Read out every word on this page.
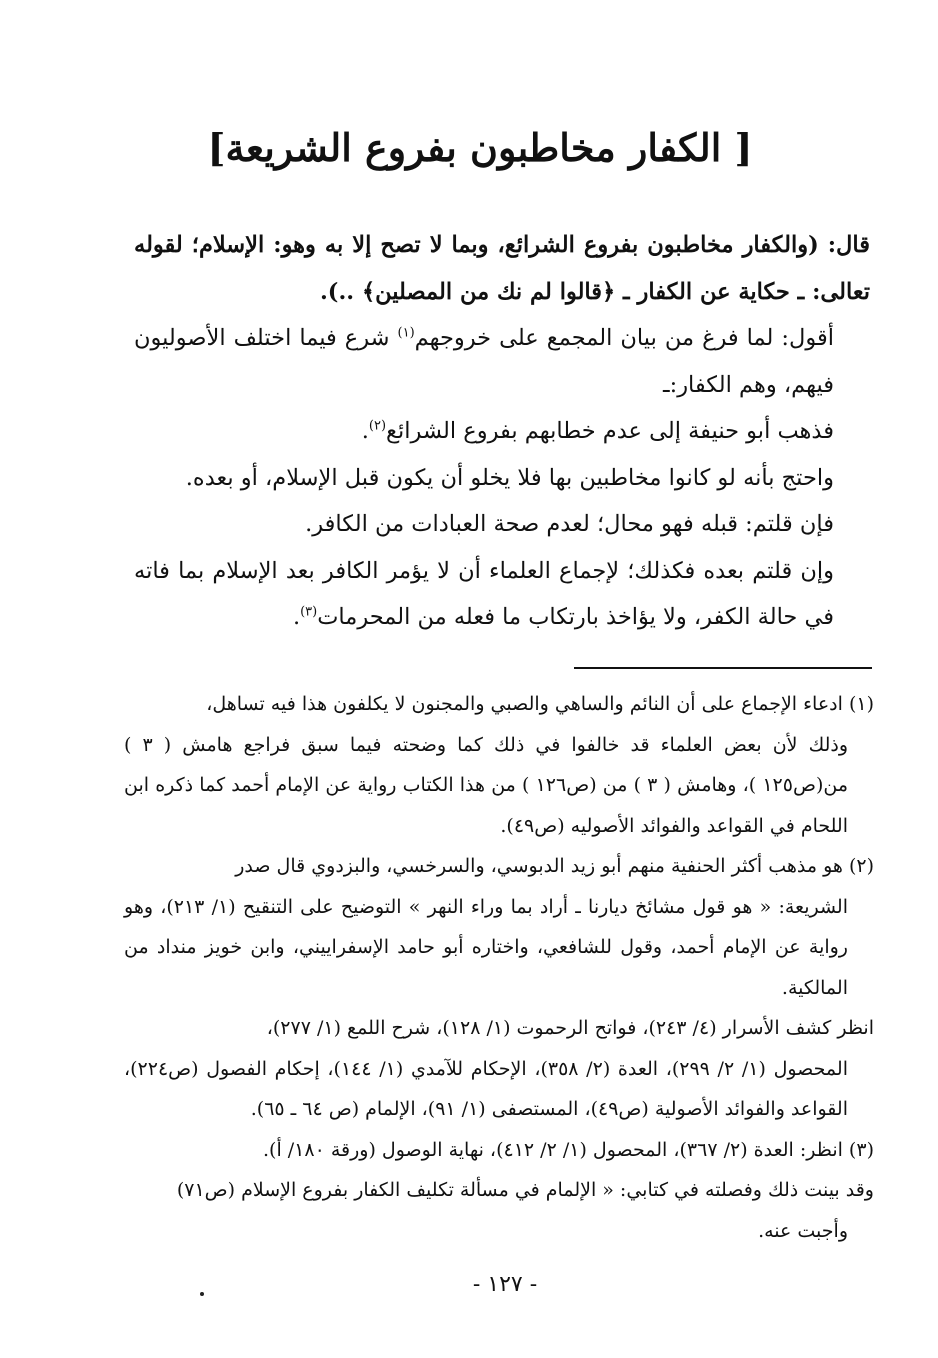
[ الكفار مخاطبون بفروع الشريعة]

قال: (والكفار مخاطبون بفروع الشرائع، وبما لا تصح إلا به وهو: الإسلام؛ لقوله تعالى: ـ حكاية عن الكفار ـ ﴿قالوا لم نك من المصلين﴾ ..).

أقول: لما فرغ من بيان المجمع على خروجهم$^{(١)}$ شرع فيما اختلف الأصوليون فيهم، وهم الكفار:ـ

فذهب أبو حنيفة إلى عدم خطابهم بفروع الشرائع$^{(٢)}$.

واحتج بأنه لو كانوا مخاطبين بها فلا يخلو أن يكون قبل الإسلام، أو بعده.

فإن قلتم: قبله فهو محال؛ لعدم صحة العبادات من الكافر.

وإن قلتم بعده فكذلك؛ لإجماع العلماء أن لا يؤمر الكافر بعد الإسلام بما فاته في حالة الكفر، ولا يؤاخذ بارتكاب ما فعله من المحرمات$^{(٣)}$.

(١) ادعاء الإجماع على أن النائم والساهي والصبي والمجنون لا يكلفون هذا فيه تساهل،

وذلك لأن بعض العلماء قد خالفوا في ذلك كما وضحته فيما سبق فراجع هامش ( ٣ ) من(ص١٢٥ )، وهامش ( ٣ ) من (ص١٢٦ ) من هذا الكتاب رواية عن الإمام أحمد كما ذكره ابن اللحام في القواعد والفوائد الأصوليه (ص٤٩).

(٢) هو مذهب أكثر الحنفية منهم أبو زيد الدبوسي، والسرخسي، والبزدوي قال صدر

الشريعة: « هو قول مشائخ ديارنا ـ أراد بما وراء النهر » التوضيح على التنقيح (١/ ٢١٣)، وهو رواية عن الإمام أحمد، وقول للشافعي، واختاره أبو حامد الإسفراييني، وابن خويز منداد من المالكية.

انظر كشف الأسرار (٤/ ٢٤٣)، فواتح الرحموت (١/ ١٢٨)، شرح اللمع (١/ ٢٧٧)،

المحصول (١/ ٢/ ٢٩٩)، العدة (٢/ ٣٥٨)، الإحكام للآمدي (١/ ١٤٤)، إحكام الفصول (ص٢٢٤)، القواعد والفوائد الأصولية (ص٤٩)، المستصفى (١/ ٩١)، الإلمام (ص ٦٤ ـ ٦٥).

(٣) انظر: العدة (٢/ ٣٦٧)، المحصول (١/ ٢/ ٤١٢)، نهاية الوصول (ورقة ١٨٠/ أ).

وقد بينت ذلك وفصلته في كتابي: « الإلمام في مسألة تكليف الكفار بفروع الإسلام (ص٧١)

وأجبت عنه.

- ١٢٧ -
